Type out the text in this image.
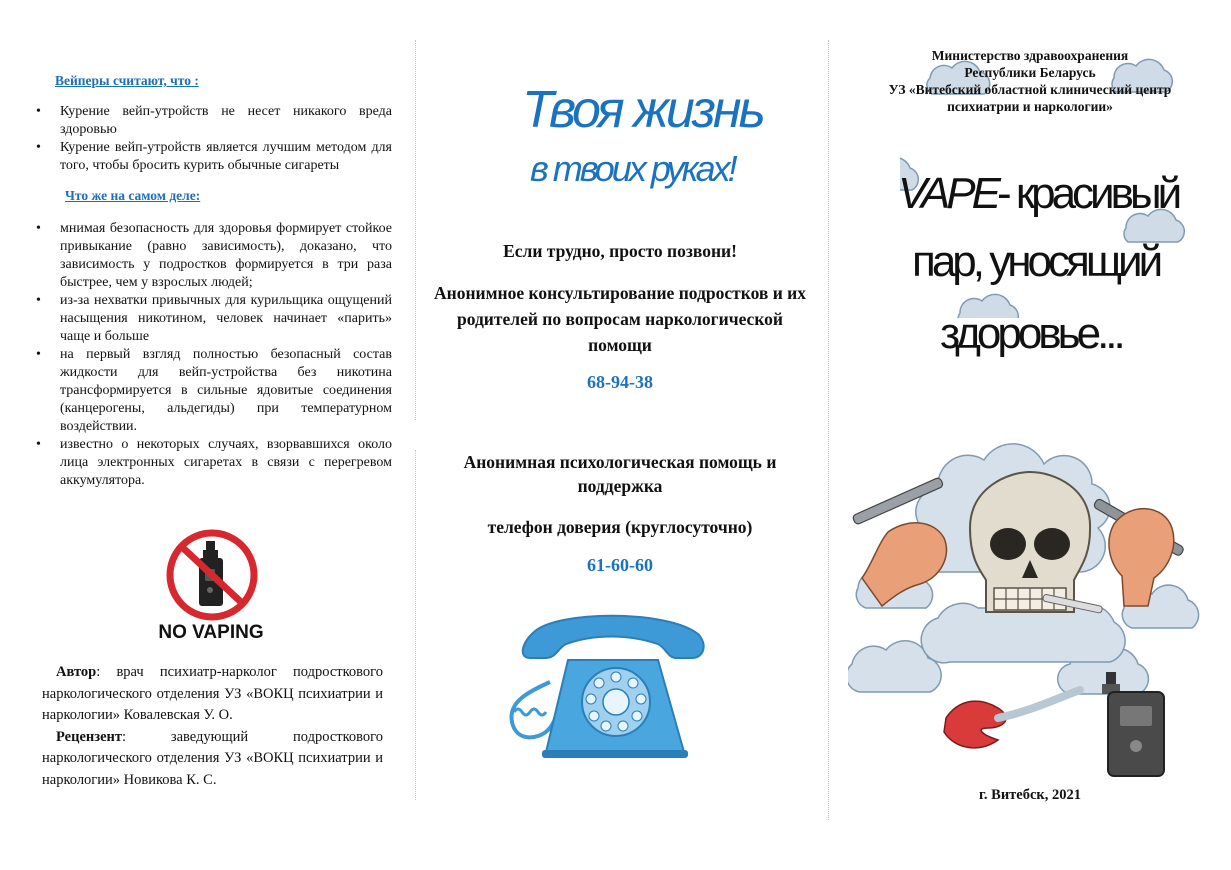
Вейперы считают, что :
• Курение вейп-утройств не несет никакого вреда здоровью
• Курение вейп-утройств является лучшим методом для того, чтобы бросить курить обычные сигареты
Что же на самом деле:
• мнимая безопасность для здоровья формирует стойкое привыкание (равно зависимость), доказано, что зависимость у подростков формируется в три раза быстрее, чем у взрослых людей;
• из-за нехватки привычных для курильщика ощущений насыщения никотином, человек начинает «парить» чаще и больше
• на первый взгляд полностью безопасный состав жидкости для вейп-устройства без никотина трансформируется в сильные ядовитые соединения (канцерогены, альдегиды) при температурном воздействии.
• известно о некоторых случаях, взорвавшихся около лица электронных сигаретах в связи с перегревом аккумулятора.
NO VAPING

Автор: врач психиатр-нарколог подросткового наркологического отделения УЗ «ВОКЦ психиатрии и наркологии» Ковалевская У. О.

Рецензент: заведующий подросткового наркологического отделения УЗ «ВОКЦ психиатрии и наркологии» Новикова К. С.

Твоя жизнь
в твоих руках!
Если трудно, просто позвони!
Анонимное консультирование подростков и их родителей по вопросам наркологической помощи
68-94-38
Анонимная психологическая помощь и поддержка
телефон доверия (круглосуточно)
61-60-60
Министерство здравоохранения
Республики Беларусь
УЗ «Витебский областной клинический центр
психиатрии и наркологии»
VAPE- красивый
пар, уносящий
здоровье...
г. Витебск, 2021
